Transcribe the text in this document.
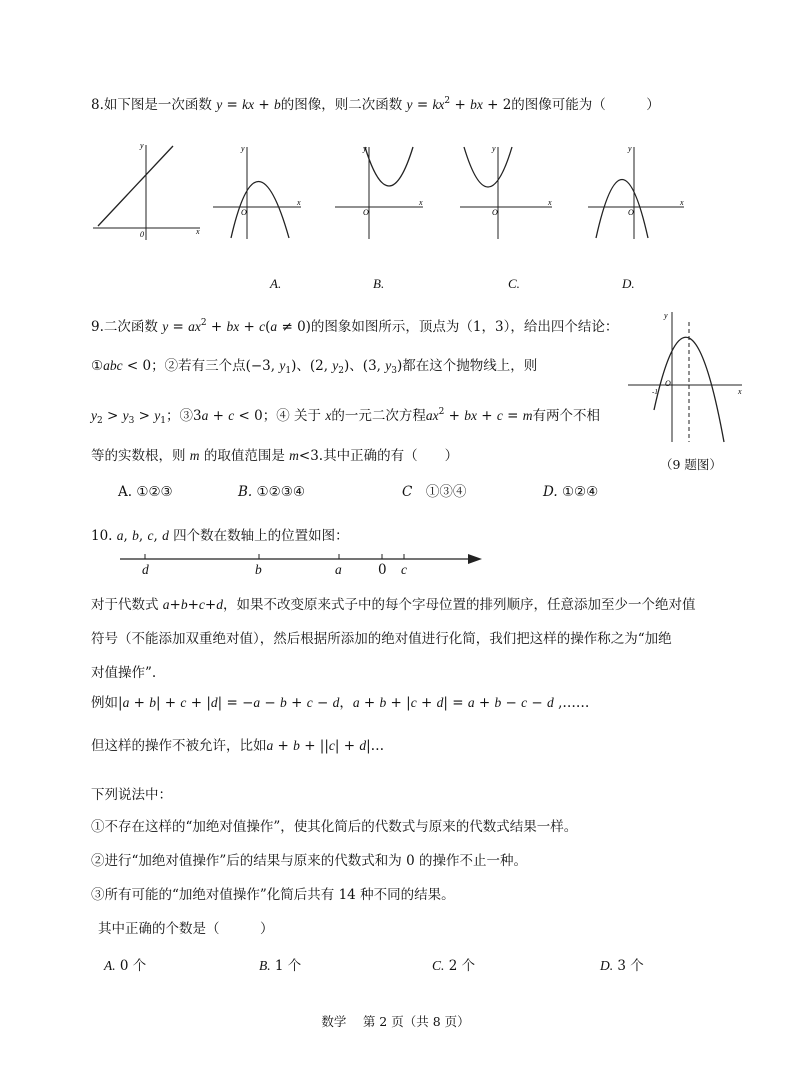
8.如下图是一次函数 y = kx + b的图像，则二次函数 $y = kx^2$ + bx + 2的图像可能为（　　　）
y
x
0
y
x
O
y
x
O
y
x
O
y
x
O
A.	B.	C.	D.
9.二次函数 $y = ax^2$ + bx + c(a ≠ 0)的图象如图所示，顶点为（1，3），给出四个结论：
①abc < 0；②若有三个点(−3, $y_1$)、(2, $y_2$)、(3, $y_3$)都在这个抛物线上，则
$y_2 > y_3 > y_1$；③3a + c < 0；④ 关于 x的一元二次方程$ax^2$ + bx + c = m有两个不相
等的实数根，则 m 的取值范围是 m<3.其中正确的有（　　）
y
x
O
-1
（9 题图）
A. ①②③	B. ①②③④	C　 ①③④	D. ①②④
10. a, b, c, d 四个数在数轴上的位置如图：
d	b	a	0 c
对于代数式 a+b+c+d，如果不改变原来式子中的每个字母位置的排列顺序，任意添加至少一个绝对值
符号（不能添加双重绝对值），然后根据所添加的绝对值进行化简，我们把这样的操作称之为“加绝
对值操作”.
例如|a + b| + c + |d| = −a − b + c − d，a + b + |c + d| = a + b − c − d ,……
但这样的操作不被允许，比如a + b + ||c| + d|…
下列说法中：
①不存在这样的“加绝对值操作”，使其化简后的代数式与原来的代数式结果一样。
②进行“加绝对值操作”后的结果与原来的代数式和为 0 的操作不止一种。
③所有可能的“加绝对值操作”化简后共有 14 种不同的结果。
其中正确的个数是（　　　）
A. 0 个	B. 1 个	C. 2 个	D. 3 个
数学　 第 2 页（共 8 页）
